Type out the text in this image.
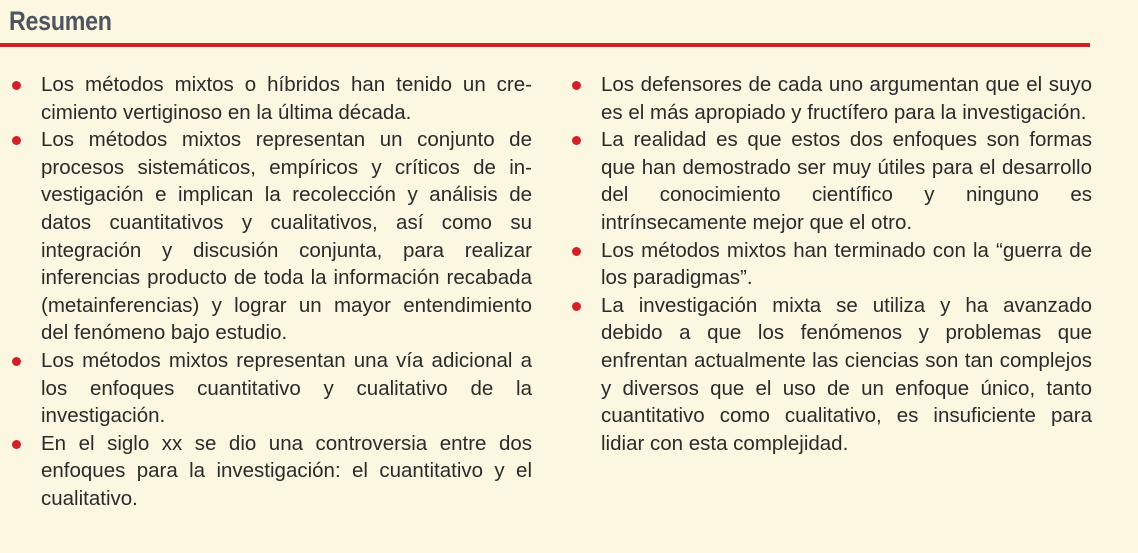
Resumen
Los métodos mixtos o híbridos han tenido un crecimiento vertiginoso en la última década.
Los métodos mixtos representan un conjunto de procesos sistemáticos, empíricos y críticos de investigación e implican la recolección y análisis de datos cuantitativos y cualitativos, así como su integración y discusión conjunta, para realizar inferencias producto de toda la información recabada (metainferencias) y lograr un mayor entendimiento del fenómeno bajo estudio.
Los métodos mixtos representan una vía adicional a los enfoques cuantitativo y cualitativo de la investigación.
En el siglo xx se dio una controversia entre dos enfoques para la investigación: el cuantitativo y el cualitativo.
Los defensores de cada uno argumentan que el suyo es el más apropiado y fructífero para la investigación.
La realidad es que estos dos enfoques son formas que han demostrado ser muy útiles para el desarrollo del conocimiento científico y ninguno es intrínsecamente mejor que el otro.
Los métodos mixtos han terminado con la “guerra de los paradigmas”.
La investigación mixta se utiliza y ha avanzado debido a que los fenómenos y problemas que enfrentan actualmente las ciencias son tan complejos y diversos que el uso de un enfoque único, tanto cuantitativo como cualitativo, es insuficiente para lidiar con esta complejidad.
